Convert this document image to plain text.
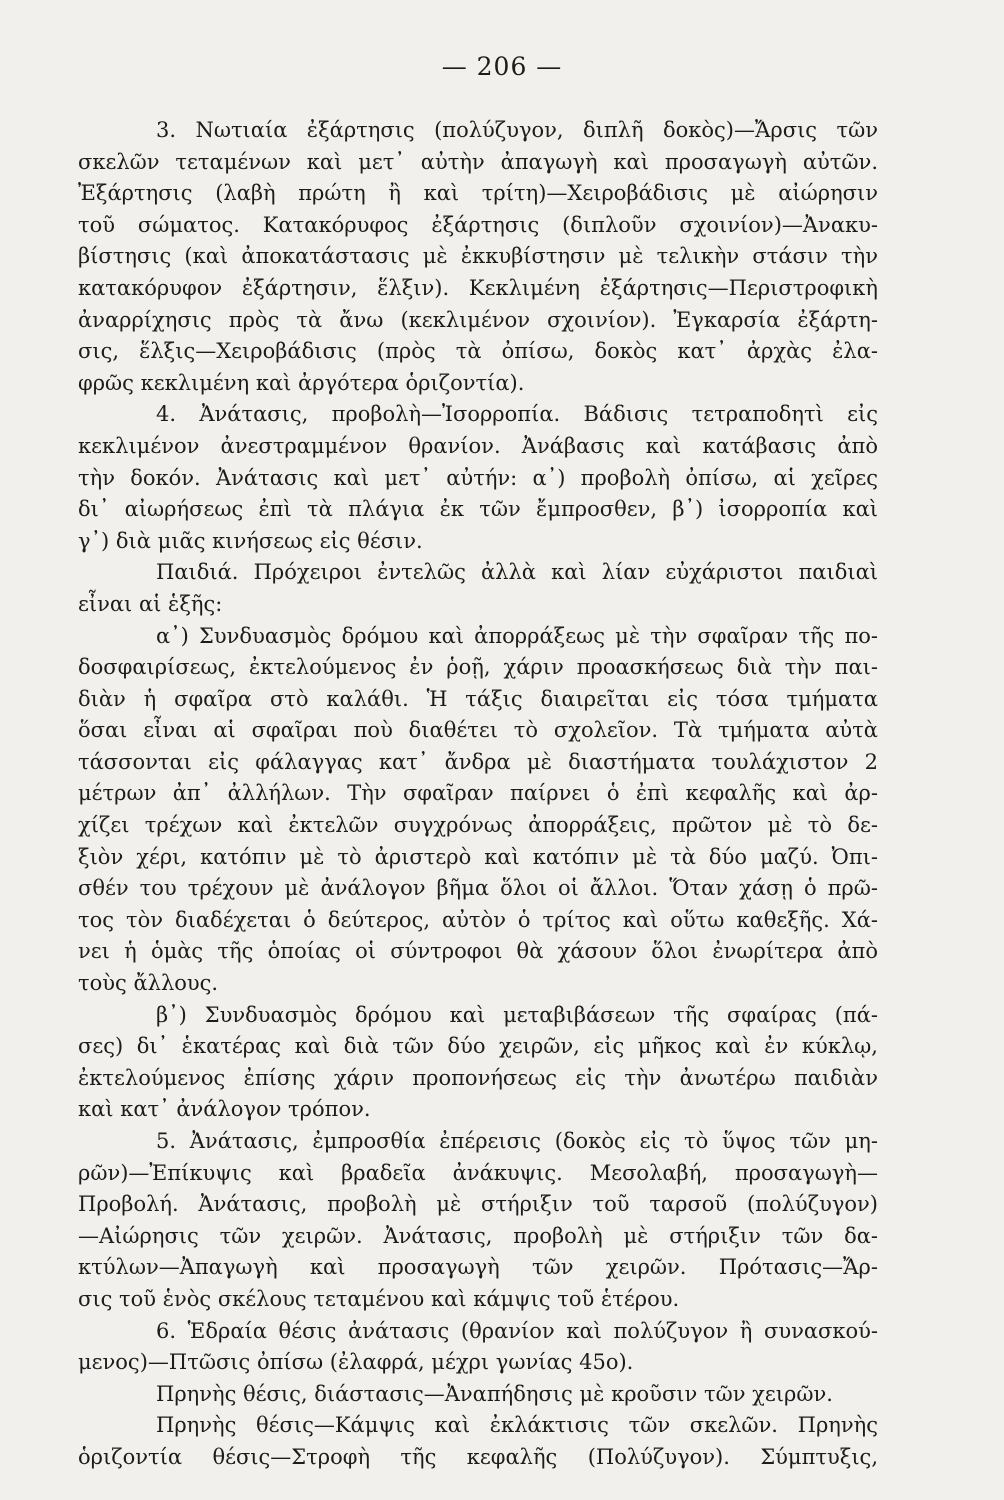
— 206 —
3. Νωτιαία ἐξάρτησις (πολύζυγον, διπλῆ δοκὸς)—Ἄρσις τῶν
σκελῶν τεταμένων καὶ μετ᾽ αὐτὴν ἀπαγωγὴ καὶ προσαγωγὴ αὐτῶν.
Ἐξάρτησις (λαβὴ πρώτη ἢ καὶ τρίτη)—Χειροβάδισις μὲ αἰώρησιν
τοῦ σώματος. Κατακόρυφος ἐξάρτησις (διπλοῦν σχοινίον)—Ἀνακυ-
βίστησις (καὶ ἀποκατάστασις μὲ ἐκκυβίστησιν μὲ τελικὴν στάσιν τὴν
κατακόρυφον ἐξάρτησιν, ἕλξιν). Κεκλιμένη ἐξάρτησις—Περιστροφικὴ
ἀναρρίχησις πρὸς τὰ ἄνω (κεκλιμένον σχοινίον). Ἐγκαρσία ἐξάρτη-
σις, ἕλξις—Χειροβάδισις (πρὸς τὰ ὀπίσω, δοκὸς κατ᾽ ἀρχὰς ἐλα-
φρῶς κεκλιμένη καὶ ἀργότερα ὁριζοντία).
4. Ἀνάτασις, προβολὴ—Ἰσορροπία. Βάδισις τετραποδητὶ εἰς
κεκλιμένον ἀνεστραμμένον θρανίον. Ἀνάβασις καὶ κατάβασις ἀπὸ
τὴν δοκόν. Ἀνάτασις καὶ μετ᾽ αὐτήν: α᾽) προβολὴ ὀπίσω, αἱ χεῖρες
δι᾽ αἰωρήσεως ἐπὶ τὰ πλάγια ἐκ τῶν ἔμπροσθεν, β᾽) ἰσορροπία καὶ
γ᾽) διὰ μιᾶς κινήσεως εἰς θέσιν.
Παιδιά. Πρόχειροι ἐντελῶς ἀλλὰ καὶ λίαν εὐχάριστοι παιδιαὶ
εἶναι αἱ ἑξῆς:
α᾽) Συνδυασμὸς δρόμου καὶ ἀπορράξεως μὲ τὴν σφαῖραν τῆς πο-
δοσφαιρίσεως, ἐκτελούμενος ἐν ῥοῇ, χάριν προασκήσεως διὰ τὴν παι-
διὰν ἡ σφαῖρα στὸ καλάθι. Ἡ τάξις διαιρεῖται εἰς τόσα τμήματα
ὅσαι εἶναι αἱ σφαῖραι ποὺ διαθέτει τὸ σχολεῖον. Τὰ τμήματα αὐτὰ
τάσσονται εἰς φάλαγγας κατ᾽ ἄνδρα μὲ διαστήματα τουλάχιστον 2
μέτρων ἀπ᾽ ἀλλήλων. Τὴν σφαῖραν παίρνει ὁ ἐπὶ κεφαλῆς καὶ ἀρ-
χίζει τρέχων καὶ ἐκτελῶν συγχρόνως ἀπορράξεις, πρῶτον μὲ τὸ δε-
ξιὸν χέρι, κατόπιν μὲ τὸ ἀριστερὸ καὶ κατόπιν μὲ τὰ δύο μαζύ. Ὀπι-
σθέν του τρέχουν μὲ ἀνάλογον βῆμα ὅλοι οἱ ἄλλοι. Ὅταν χάσῃ ὁ πρῶ-
τος τὸν διαδέχεται ὁ δεύτερος, αὐτὸν ὁ τρίτος καὶ οὕτω καθεξῆς. Χά-
νει ἡ ὁμὰς τῆς ὁποίας οἱ σύντροφοι θὰ χάσουν ὅλοι ἐνωρίτερα ἀπὸ
τοὺς ἄλλους.
β᾽) Συνδυασμὸς δρόμου καὶ μεταβιβάσεων τῆς σφαίρας (πά-
σες) δι᾽ ἑκατέρας καὶ διὰ τῶν δύο χειρῶν, εἰς μῆκος καὶ ἐν κύκλῳ,
ἐκτελούμενος ἐπίσης χάριν προπονήσεως εἰς τὴν ἀνωτέρω παιδιὰν
καὶ κατ᾽ ἀνάλογον τρόπον.
5. Ἀνάτασις, ἐμπροσθία ἐπέρεισις (δοκὸς εἰς τὸ ὕψος τῶν μη-
ρῶν)—Ἐπίκυψις καὶ βραδεῖα ἀνάκυψις. Μεσολαβή, προσαγωγὴ—
Προβολή. Ἀνάτασις, προβολὴ μὲ στήριξιν τοῦ ταρσοῦ (πολύζυγον)
—Αἰώρησις τῶν χειρῶν. Ἀνάτασις, προβολὴ μὲ στήριξιν τῶν δα-
κτύλων—Ἀπαγωγὴ καὶ προσαγωγὴ τῶν χειρῶν. Πρότασις—Ἄρ-
σις τοῦ ἑνὸς σκέλους τεταμένου καὶ κάμψις τοῦ ἑτέρου.
6. Ἑδραία θέσις ἀνάτασις (θρανίον καὶ πολύζυγον ἢ συνασκού-
μενος)—Πτῶσις ὀπίσω (ἐλαφρά, μέχρι γωνίας 45ο).
Πρηνὴς θέσις, διάστασις—Ἀναπήδησις μὲ κροῦσιν τῶν χειρῶν.
Πρηνὴς θέσις—Κάμψις καὶ ἐκλάκτισις τῶν σκελῶν. Πρηνὴς
ὁριζοντία θέσις—Στροφὴ τῆς κεφαλῆς (Πολύζυγον). Σύμπτυξις,
